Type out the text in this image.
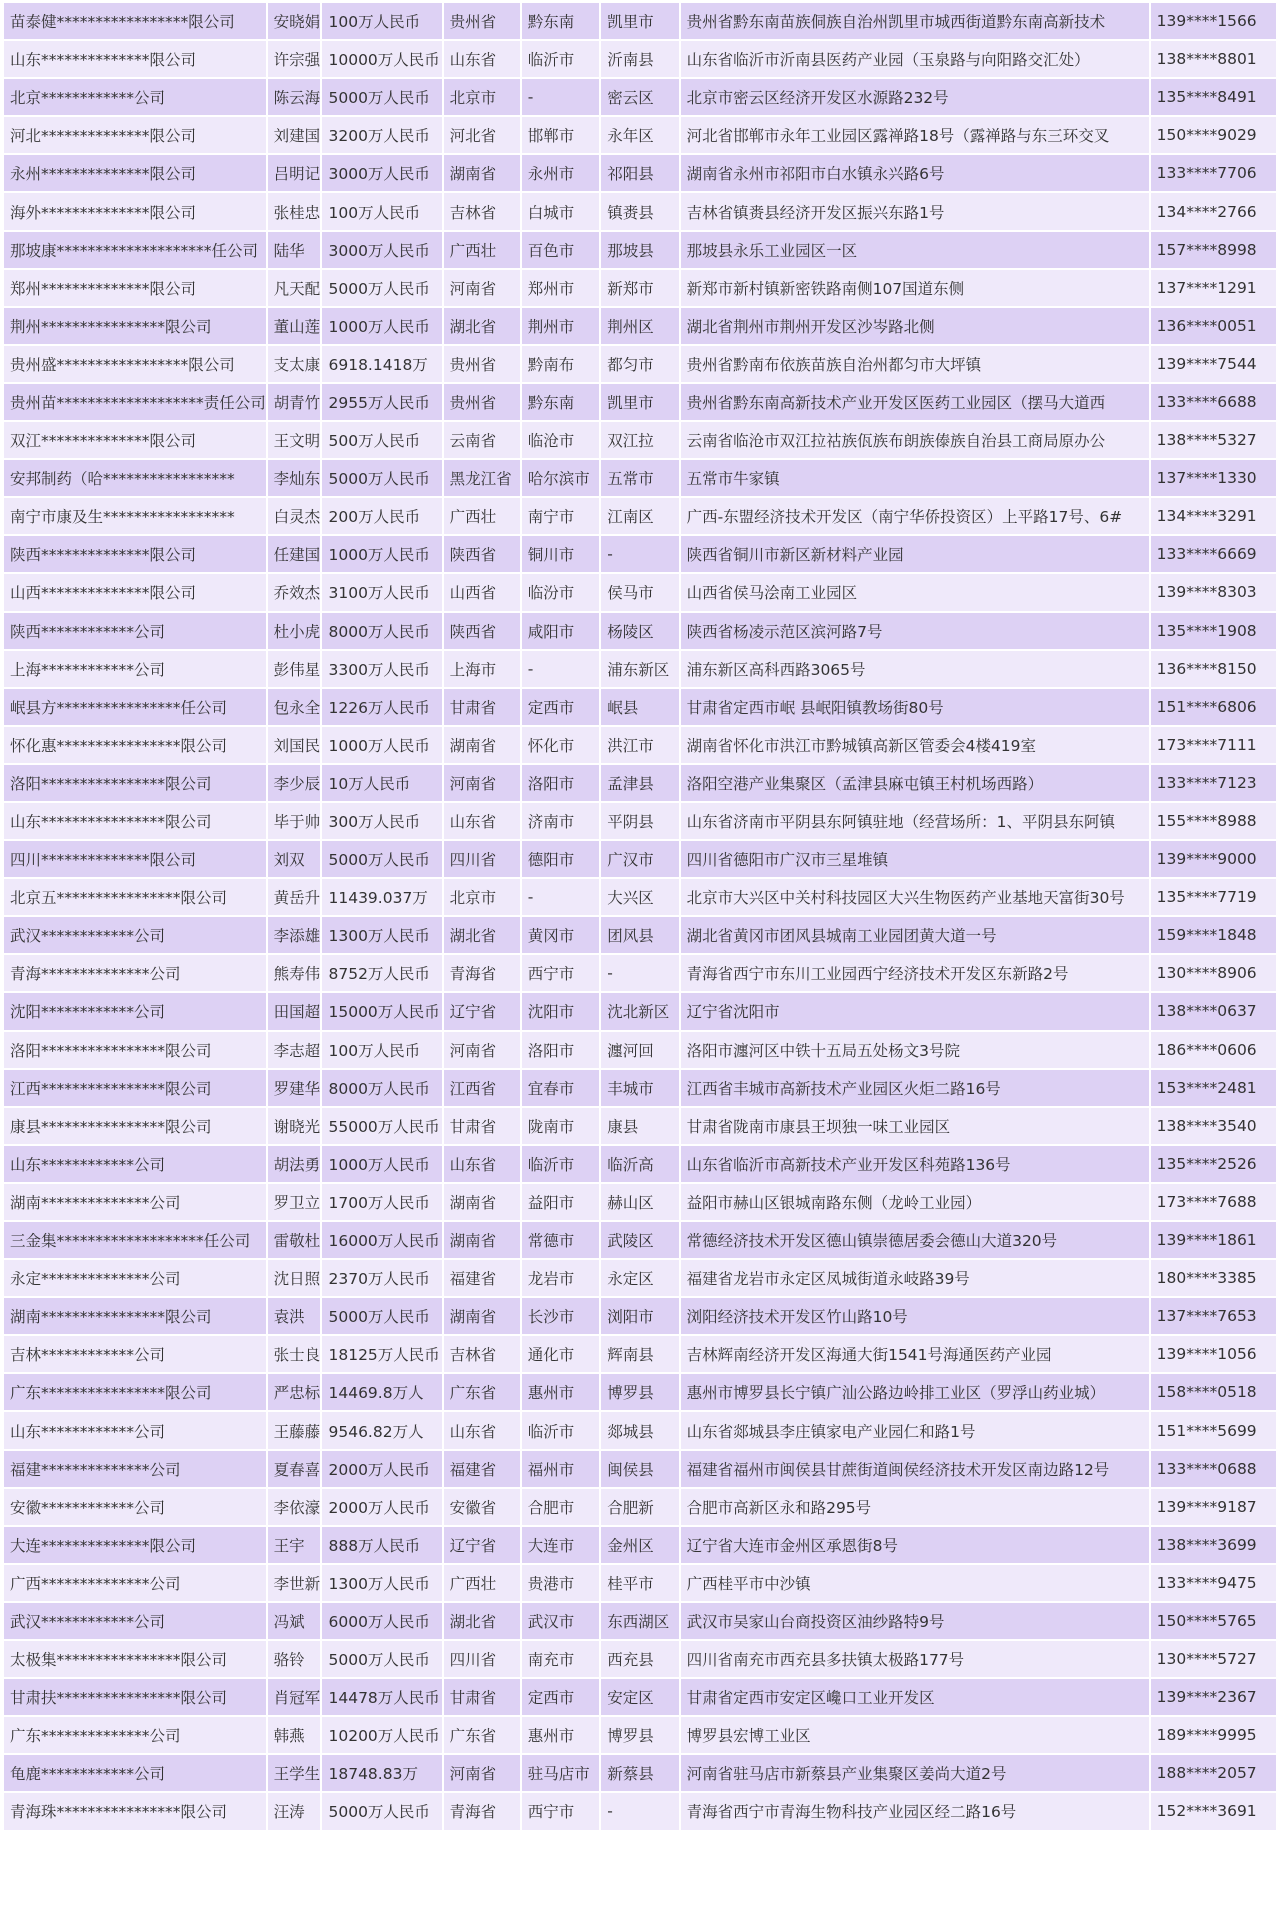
苗泰健*****************限公司	安晓娟	100万人民币	贵州省	黔东南	凯里市	贵州省黔东南苗族侗族自治州凯里市城西街道黔东南高新技术	139****1566
山东**************限公司	许宗强	10000万人民币	山东省	临沂市	沂南县	山东省临沂市沂南县医药产业园（玉泉路与向阳路交汇处）	138****8801
北京************公司	陈云海	5000万人民币	北京市	-	密云区	北京市密云区经济开发区水源路232号	135****8491
河北**************限公司	刘建国	3200万人民币	河北省	邯郸市	永年区	河北省邯郸市永年工业园区露禅路18号（露禅路与东三环交叉	150****9029
永州**************限公司	吕明记	3000万人民币	湖南省	永州市	祁阳县	湖南省永州市祁阳市白水镇永兴路6号	133****7706
海外**************限公司	张桂忠	100万人民币	吉林省	白城市	镇赉县	吉林省镇赉县经济开发区振兴东路1号	134****2766
那坡康********************任公司	陆华	3000万人民币	广西壮	百色市	那坡县	那坡县永乐工业园区一区	157****8998
郑州**************限公司	凡天配	5000万人民币	河南省	郑州市	新郑市	新郑市新村镇新密铁路南侧107国道东侧	137****1291
荆州****************限公司	董山莲	1000万人民币	湖北省	荆州市	荆州区	湖北省荆州市荆州开发区沙岑路北侧	136****0051
贵州盛*****************限公司	支太康	6918.1418万	贵州省	黔南布	都匀市	贵州省黔南布依族苗族自治州都匀市大坪镇	139****7544
贵州苗*******************责任公司	胡青竹	2955万人民币	贵州省	黔东南	凯里市	贵州省黔东南高新技术产业开发区医药工业园区（摆马大道西	133****6688
双江**************限公司	王文明	500万人民币	云南省	临沧市	双江拉	云南省临沧市双江拉祜族佤族布朗族傣族自治县工商局原办公	138****5327
安邦制药（哈*****************	李灿东	5000万人民币	黑龙江省	哈尔滨市	五常市	五常市牛家镇	137****1330
南宁市康及生*****************	白灵杰	200万人民币	广西壮	南宁市	江南区	广西-东盟经济技术开发区（南宁华侨投资区）上平路17号、6#	134****3291
陕西**************限公司	任建国	1000万人民币	陕西省	铜川市	-	陕西省铜川市新区新材料产业园	133****6669
山西**************限公司	乔效杰	3100万人民币	山西省	临汾市	侯马市	山西省侯马浍南工业园区	139****8303
陕西************公司	杜小虎	8000万人民币	陕西省	咸阳市	杨陵区	陕西省杨凌示范区滨河路7号	135****1908
上海************公司	彭伟星	3300万人民币	上海市	-	浦东新区	浦东新区高科西路3065号	136****8150
岷县方****************任公司	包永全	1226万人民币	甘肃省	定西市	岷县	甘肃省定西市岷 县岷阳镇教场街80号	151****6806
怀化惠****************限公司	刘国民	1000万人民币	湖南省	怀化市	洪江市	湖南省怀化市洪江市黔城镇高新区管委会4楼419室	173****7111
洛阳****************限公司	李少辰	10万人民币	河南省	洛阳市	孟津县	洛阳空港产业集聚区（孟津县麻屯镇王村机场西路）	133****7123
山东****************限公司	毕于帅	300万人民币	山东省	济南市	平阴县	山东省济南市平阴县东阿镇驻地（经营场所：1、平阴县东阿镇	155****8988
四川**************限公司	刘双	5000万人民币	四川省	德阳市	广汉市	四川省德阳市广汉市三星堆镇	139****9000
北京五****************限公司	黄岳升	11439.037万	北京市	-	大兴区	北京市大兴区中关村科技园区大兴生物医药产业基地天富街30号	135****7719
武汉************公司	李添雄	1300万人民币	湖北省	黄冈市	团风县	湖北省黄冈市团风县城南工业园团黄大道一号	159****1848
青海**************公司	熊寿伟	8752万人民币	青海省	西宁市	-	青海省西宁市东川工业园西宁经济技术开发区东新路2号	130****8906
沈阳************公司	田国超	15000万人民币	辽宁省	沈阳市	沈北新区	辽宁省沈阳市	138****0637
洛阳****************限公司	李志超	100万人民币	河南省	洛阳市	瀍河回	洛阳市瀍河区中铁十五局五处杨文3号院	186****0606
江西****************限公司	罗建华	8000万人民币	江西省	宜春市	丰城市	江西省丰城市高新技术产业园区火炬二路16号	153****2481
康县****************限公司	谢晓光	55000万人民币	甘肃省	陇南市	康县	甘肃省陇南市康县王坝独一味工业园区	138****3540
山东************公司	胡法勇	1000万人民币	山东省	临沂市	临沂高	山东省临沂市高新技术产业开发区科苑路136号	135****2526
湖南**************公司	罗卫立	1700万人民币	湖南省	益阳市	赫山区	益阳市赫山区银城南路东侧（龙岭工业园）	173****7688
三金集*******************任公司	雷敬杜	16000万人民币	湖南省	常德市	武陵区	常德经济技术开发区德山镇崇德居委会德山大道320号	139****1861
永定**************公司	沈日照	2370万人民币	福建省	龙岩市	永定区	福建省龙岩市永定区凤城街道永岐路39号	180****3385
湖南****************限公司	袁洪	5000万人民币	湖南省	长沙市	浏阳市	浏阳经济技术开发区竹山路10号	137****7653
吉林************公司	张士良	18125万人民币	吉林省	通化市	辉南县	吉林辉南经济开发区海通大街1541号海通医药产业园	139****1056
广东****************限公司	严忠标	14469.8万人	广东省	惠州市	博罗县	惠州市博罗县长宁镇广汕公路边岭排工业区（罗浮山药业城）	158****0518
山东************公司	王藤藤	9546.82万人	山东省	临沂市	郯城县	山东省郯城县李庄镇家电产业园仁和路1号	151****5699
福建**************公司	夏春喜	2000万人民币	福建省	福州市	闽侯县	福建省福州市闽侯县甘蔗街道闽侯经济技术开发区南边路12号	133****0688
安徽************公司	李依濠	2000万人民币	安徽省	合肥市	合肥新	合肥市高新区永和路295号	139****9187
大连**************限公司	王宇	888万人民币	辽宁省	大连市	金州区	辽宁省大连市金州区承恩街8号	138****3699
广西**************公司	李世新	1300万人民币	广西壮	贵港市	桂平市	广西桂平市中沙镇	133****9475
武汉************公司	冯斌	6000万人民币	湖北省	武汉市	东西湖区	武汉市吴家山台商投资区油纱路特9号	150****5765
太极集****************限公司	骆铃	5000万人民币	四川省	南充市	西充县	四川省南充市西充县多扶镇太极路177号	130****5727
甘肃扶****************限公司	肖冠军	14478万人民币	甘肃省	定西市	安定区	甘肃省定西市安定区巉口工业开发区	139****2367
广东**************公司	韩燕	10200万人民币	广东省	惠州市	博罗县	博罗县宏博工业区	189****9995
龟鹿************公司	王学生	18748.83万	河南省	驻马店市	新蔡县	河南省驻马店市新蔡县产业集聚区姜尚大道2号	188****2057
青海珠****************限公司	汪涛	5000万人民币	青海省	西宁市	-	青海省西宁市青海生物科技产业园区经二路16号	152****3691
